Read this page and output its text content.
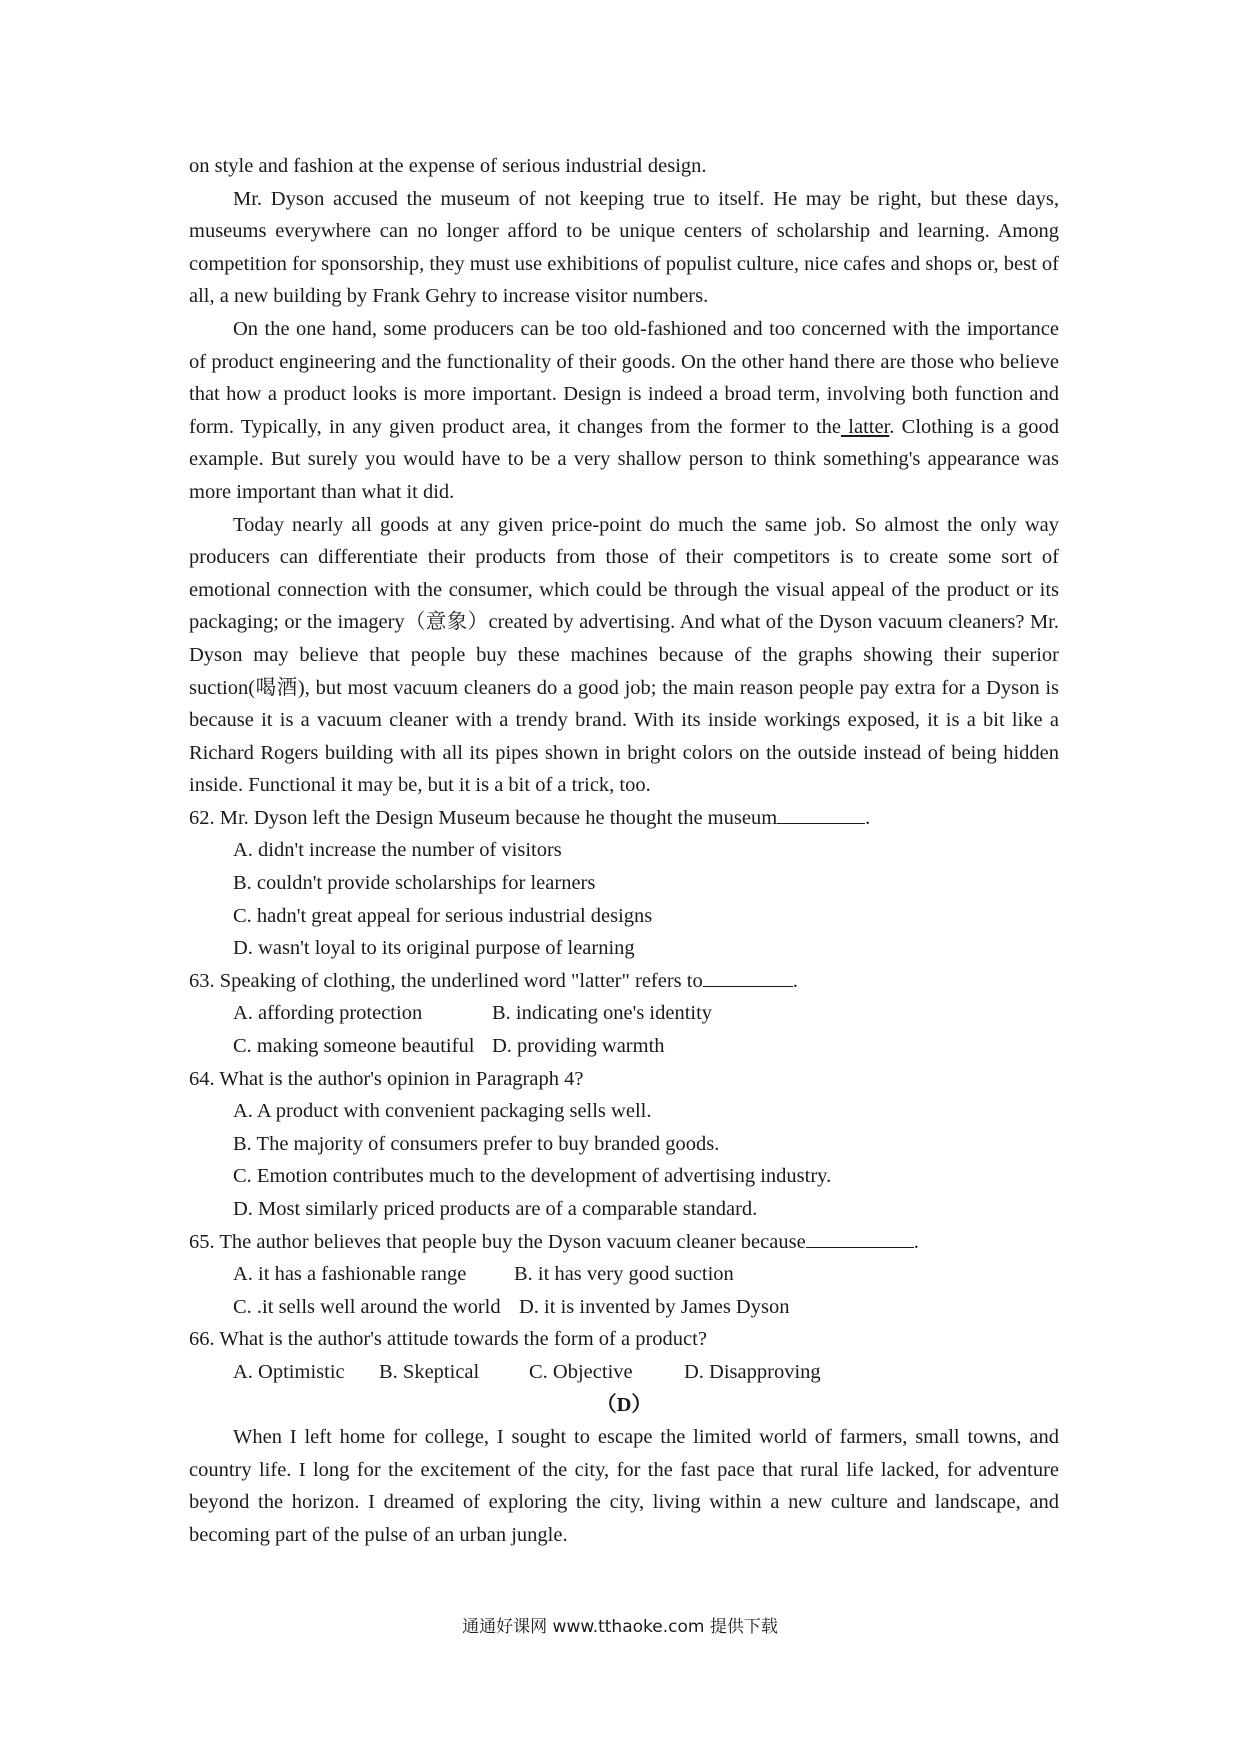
on style and fashion at the expense of serious industrial design.

Mr. Dyson accused the museum of not keeping true to itself. He may be right, but these days, museums everywhere can no longer afford to be unique centers of scholarship and learning. Among competition for sponsorship, they must use exhibitions of populist culture, nice cafes and shops or, best of all, a new building by Frank Gehry to increase visitor numbers.

On the one hand, some producers can be too old-fashioned and too concerned with the importance of product engineering and the functionality of their goods. On the other hand there are those who believe that how a product looks is more important. Design is indeed a broad term, involving both function and form. Typically, in any given product area, it changes from the former to the latter. Clothing is a good example. But surely you would have to be a very shallow person to think something's appearance was more important than what it did.

Today nearly all goods at any given price-point do much the same job. So almost the only way producers can differentiate their products from those of their competitors is to create some sort of emotional connection with the consumer, which could be through the visual appeal of the product or its packaging; or the imagery（意象）created by advertising. And what of the Dyson vacuum cleaners? Mr. Dyson may believe that people buy these machines because of the graphs showing their superior suction(喝酒), but most vacuum cleaners do a good job; the main reason people pay extra for a Dyson is because it is a vacuum cleaner with a trendy brand. With its inside workings exposed, it is a bit like a Richard Rogers building with all its pipes shown in bright colors on the outside instead of being hidden inside. Functional it may be, but it is a bit of a trick, too.

62. Mr. Dyson left the Design Museum because he thought the museum	.

A. didn't increase the number of visitors

B. couldn't provide scholarships for learners

C. hadn't great appeal for serious industrial designs

D. wasn't loyal to its original purpose of learning

63. Speaking of clothing, the underlined word "latter" refers to	.

A. affording protection	B. indicating one's identity
C. making someone beautiful D. providing warmth

64. What is the author's opinion in Paragraph 4?

A. A product with convenient packaging sells well.

B. The majority of consumers prefer to buy branded goods.

C. Emotion contributes much to the development of advertising industry.

D. Most similarly priced products are of a comparable standard.

65. The author believes that people buy the Dyson vacuum cleaner because	.

A. it has a fashionable range	B. it has very good suction
C. .it sells well around the world D. it is invented by James Dyson

66. What is the author's attitude towards the form of a product?

A. Optimistic	B. Skeptical	C. Objective	D. Disapproving

（D）

When I left home for college, I sought to escape the limited world of farmers, small towns, and country life. I long for the excitement of the city, for the fast pace that rural life lacked, for adventure beyond the horizon. I dreamed of exploring the city, living within a new culture and landscape, and becoming part of the pulse of an urban jungle.

通通好课网 www.tthaoke.com 提供下载
